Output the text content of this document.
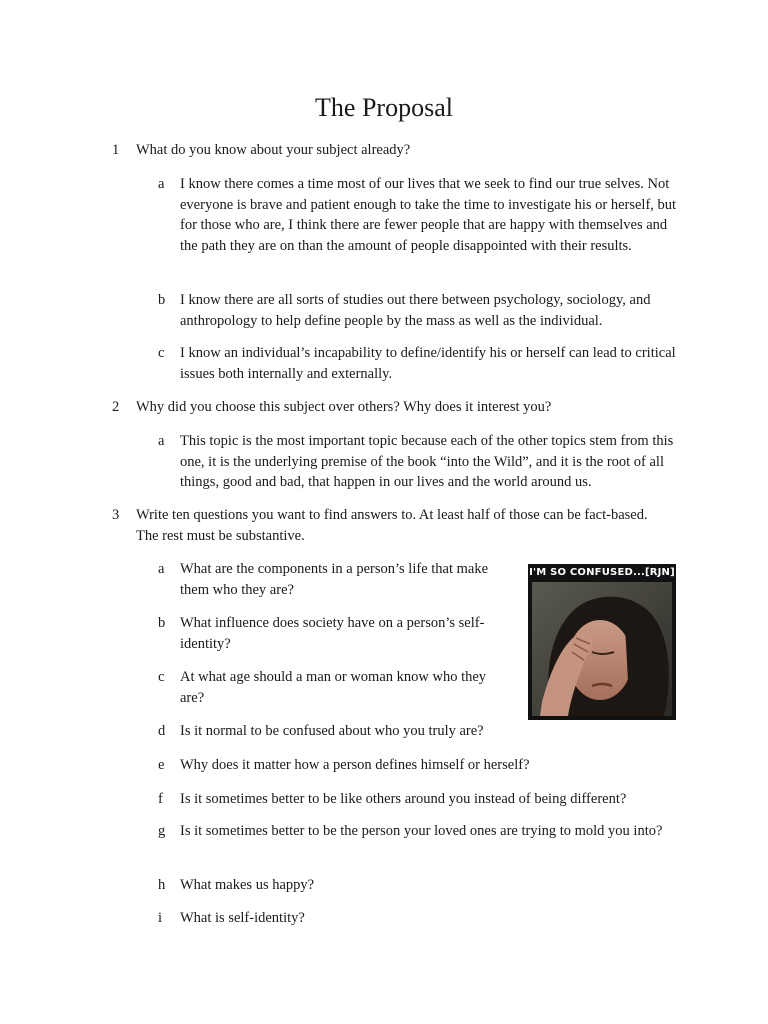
The Proposal
1 What do you know about your subject already?
a I know there comes a time most of our lives that we seek to find our true selves. Not everyone is brave and patient enough to take the time to investigate his or herself, but for those who are, I think there are fewer people that are happy with themselves and the path they are on than the amount of people disappointed with their results.
b I know there are all sorts of studies out there between psychology, sociology, and anthropology to help define people by the mass as well as the individual.
c I know an individual’s incapability to define/identify his or herself can lead to critical issues both internally and externally.
2 Why did you choose this subject over others? Why does it interest you?
a This topic is the most important topic because each of the other topics stem from this one, it is the underlying premise of the book “into the Wild”, and it is the root of all things, good and bad, that happen in our lives and the world around us.
3 Write ten questions you want to find answers to. At least half of those can be fact-based. The rest must be substantive.
a What are the components in a person’s life that make them who they are?
b What influence does society have on a person’s self-identity?
c At what age should a man or woman know who they are?
d Is it normal to be confused about who you truly are?
e Why does it matter how a person defines himself or herself?
f Is it sometimes better to be like others around you instead of being different?
g Is it sometimes better to be the person your loved ones are trying to mold you into?
h What makes us happy?
i What is self-identity?
I'M SO CONFUSED...[RJN]
